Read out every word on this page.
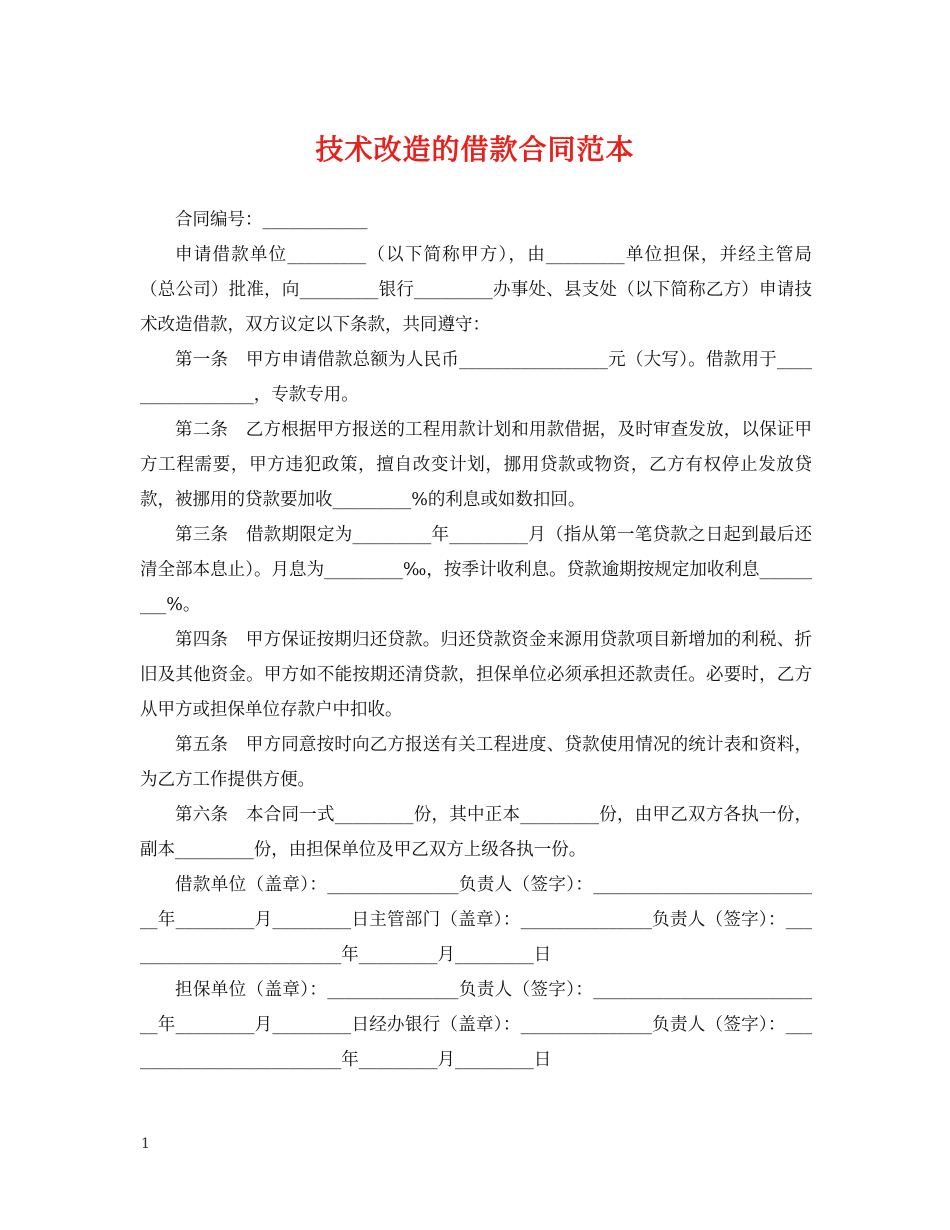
技术改造的借款合同范本

合同编号：____________

申请借款单位_________（以下简称甲方），由_________单位担保，并经主管局（总公司）批准，向_________银行_________办事处、县支处（以下简称乙方）申请技术改造借款，双方议定以下条款，共同遵守：

第一条　甲方申请借款总额为人民币_________________元（大写）。借款用于_________________，专款专用。

第二条　乙方根据甲方报送的工程用款计划和用款借据，及时审查发放，以保证甲方工程需要，甲方违犯政策，擅自改变计划，挪用贷款或物资，乙方有权停止发放贷款，被挪用的贷款要加收_________%的利息或如数扣回。

第三条　借款期限定为_________年_________月（指从第一笔贷款之日起到最后还清全部本息止）。月息为_________‰，按季计收利息。贷款逾期按规定加收利息_________%。

第四条　甲方保证按期归还贷款。归还贷款资金来源用贷款项目新增加的利税、折旧及其他资金。甲方如不能按期还清贷款，担保单位必须承担还款责任。必要时，乙方从甲方或担保单位存款户中扣收。

第五条　甲方同意按时向乙方报送有关工程进度、贷款使用情况的统计表和资料，为乙方工作提供方便。

第六条　本合同一式_________份，其中正本_________份，由甲乙双方各执一份，副本_________份，由担保单位及甲乙双方上级各执一份。

借款单位（盖章）：_______________负责人（签字）：___________________________年_________月_________日主管部门（盖章）：_______________负责人（签字）：__________________________年_________月_________日

担保单位（盖章）：_______________负责人（签字）：___________________________年_________月_________日经办银行（盖章）：_______________负责人（签字）：__________________________年_________月_________日

1
